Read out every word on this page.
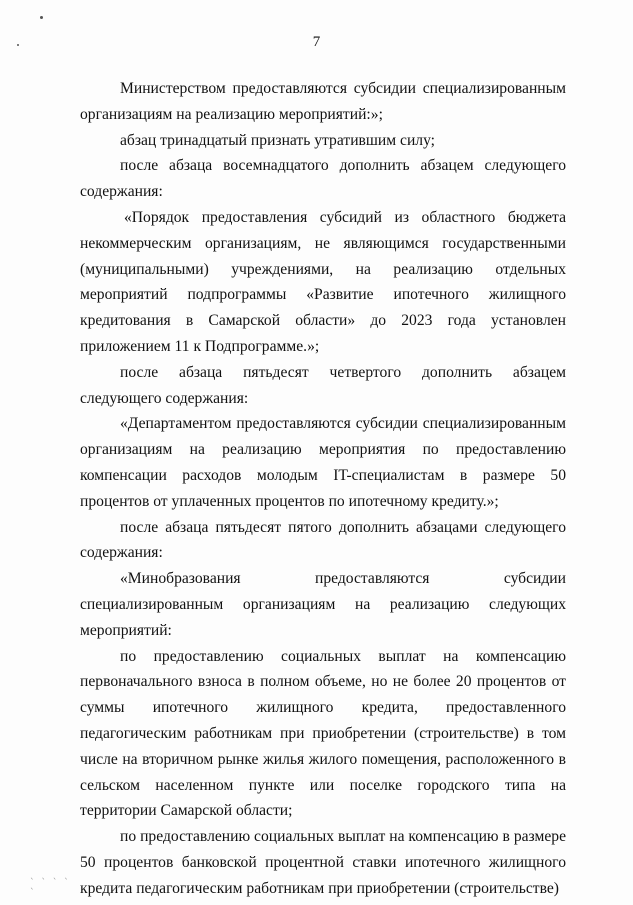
7

Министерством предоставляются субсидии специализированным организациям на реализацию мероприятий:»;

абзац тринадцатый признать утратившим силу;

после абзаца восемнадцатого дополнить абзацем следующего содержания:

«Порядок предоставления субсидий из областного бюджета некоммерческим организациям, не являющимся государственными (муниципальными) учреждениями, на реализацию отдельных мероприятий подпрограммы «Развитие ипотечного жилищного кредитования в Самарской области» до 2023 года установлен приложением 11 к Подпрограмме.»;

после абзаца пятьдесят четвертого дополнить абзацем следующего содержания:

«Департаментом предоставляются субсидии специализированным организациям на реализацию мероприятия по предоставлению компенсации расходов молодым IT-специалистам в размере 50 процентов от уплаченных процентов по ипотечному кредиту.»;

после абзаца пятьдесят пятого дополнить абзацами следующего содержания:

«Минобразования предоставляются субсидии специализированным организациям на реализацию следующих мероприятий:

по предоставлению социальных выплат на компенсацию первоначального взноса в полном объеме, но не более 20 процентов от суммы ипотечного жилищного кредита, предоставленного педагогическим работникам при приобретении (строительстве) в том числе на вторичном рынке жилья жилого помещения, расположенного в сельском населенном пункте или поселке городского типа на территории Самарской области;

по предоставлению социальных выплат на компенсацию в размере 50 процентов банковской процентной ставки ипотечного жилищного кредита педагогическим работникам при приобретении (строительстве)

` ` ` ` `
